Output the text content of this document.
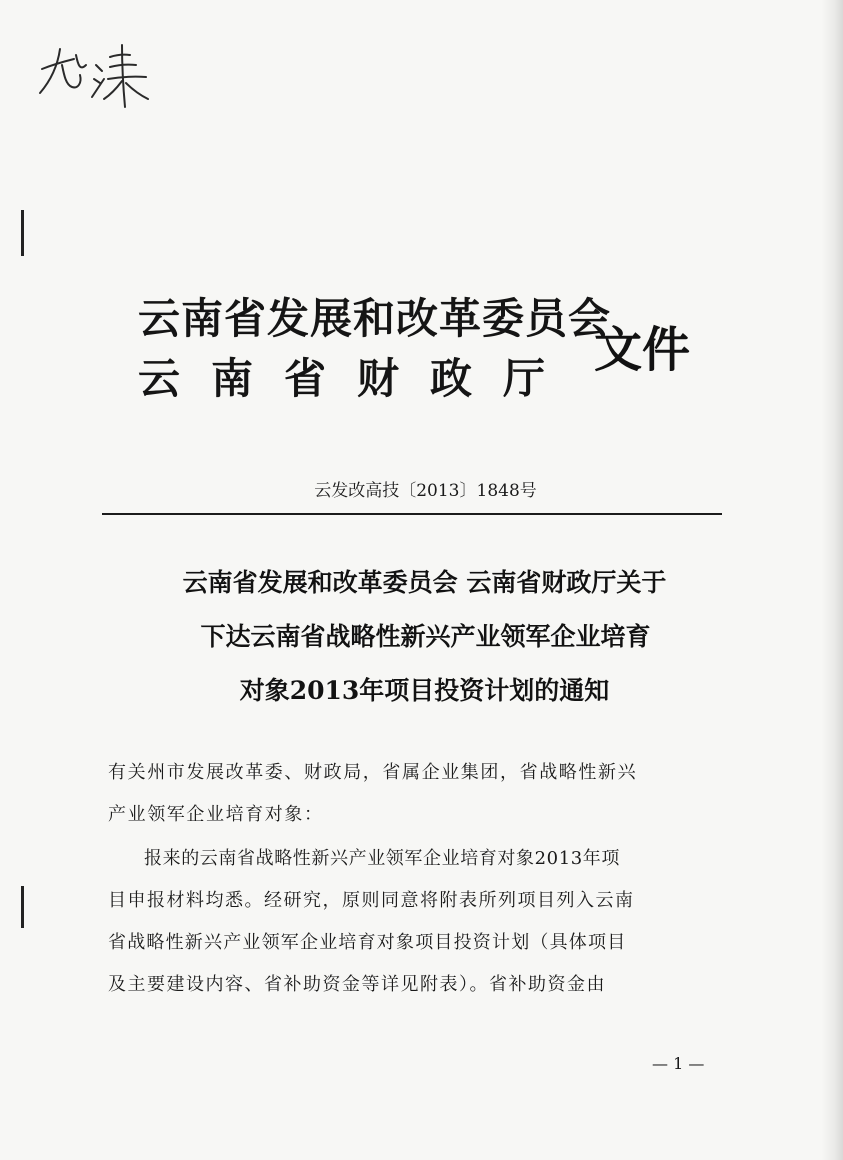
云南省发展和改革委员会
云南省财政厅
文件
云发改高技〔2013〕1848号
云南省发展和改革委员会 云南省财政厅关于
下达云南省战略性新兴产业领军企业培育
对象2013年项目投资计划的通知
有关州市发展改革委、财政局，省属企业集团，省战略性新兴
产业领军企业培育对象：
报来的云南省战略性新兴产业领军企业培育对象2013年项
目申报材料均悉。经研究，原则同意将附表所列项目列入云南
省战略性新兴产业领军企业培育对象项目投资计划（具体项目
及主要建设内容、省补助资金等详见附表）。省补助资金由
— 1 —
